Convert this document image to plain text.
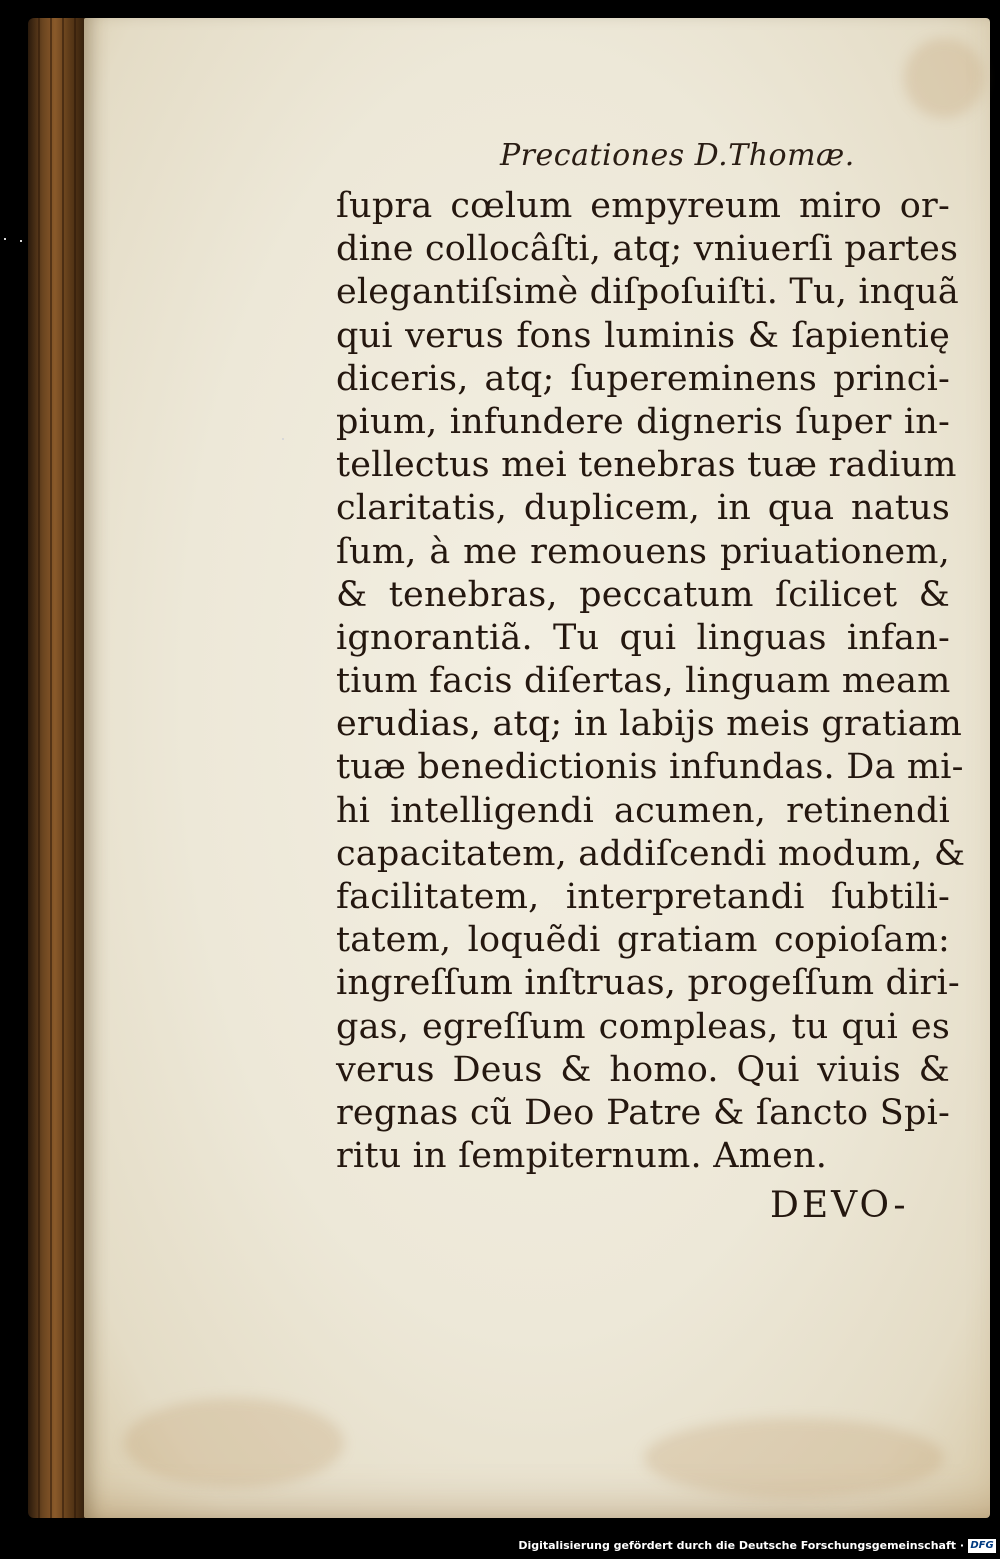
Precationes D.Thomæ.
ſupra cœlum empyreum miro or-
dine collocâſti, atq; vniuerſi partes
elegantiſsimè diſpoſuiſti. Tu, inquã
qui verus fons luminis & ſapientię
diceris, atq; ſupereminens princi-
pium, infundere digneris ſuper in-
tellectus mei tenebras tuæ radium
claritatis, duplicem, in qua natus
ſum, à me remouens priuationem,
& tenebras, peccatum ſcilicet &
ignorantiã. Tu qui linguas infan-
tium facis diſertas, linguam meam
erudias, atq; in labijs meis gratiam
tuæ benedictionis infundas. Da mi-
hi intelligendi acumen, retinendi
capacitatem, addiſcendi modum, &
facilitatem, interpretandi ſubtili-
tatem, loquẽdi gratiam copioſam:
ingreſſum inſtruas, progeſſum diri-
gas, egreſſum compleas, tu qui es
verus Deus & homo. Qui viuis &
regnas cũ Deo Patre & ſancto Spi-
ritu in ſempiternum. Amen.
DEVO-
Digitalisierung gefördert durch die Deutsche Forschungsgemeinschaft · DFG
